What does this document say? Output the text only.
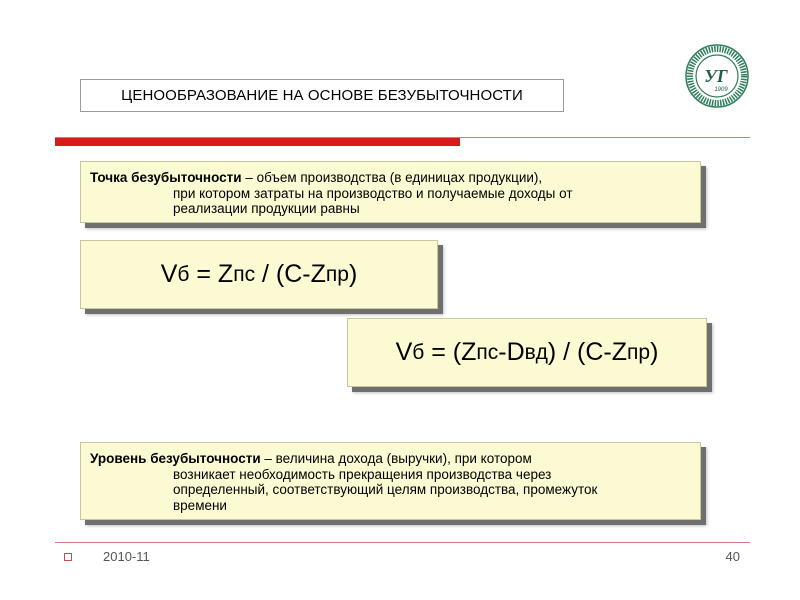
УГ
1909
ЦЕНООБРАЗОВАНИЕ НА ОСНОВЕ БЕЗУБЫТОЧНОСТИ
Точка безубыточности – объем производства (в единицах продукции),
при котором затраты на производство и получаемые доходы от
реализации продукции равны
V б = Z пс / (C- Z пр )
V б = ( Z пс - D вд ) / (C- Z пр )
Уровень безубыточности – величина дохода (выручки), при котором
возникает необходимость прекращения производства через
определенный, соответствующий целям производства, промежуток
времени
2010-11	40
